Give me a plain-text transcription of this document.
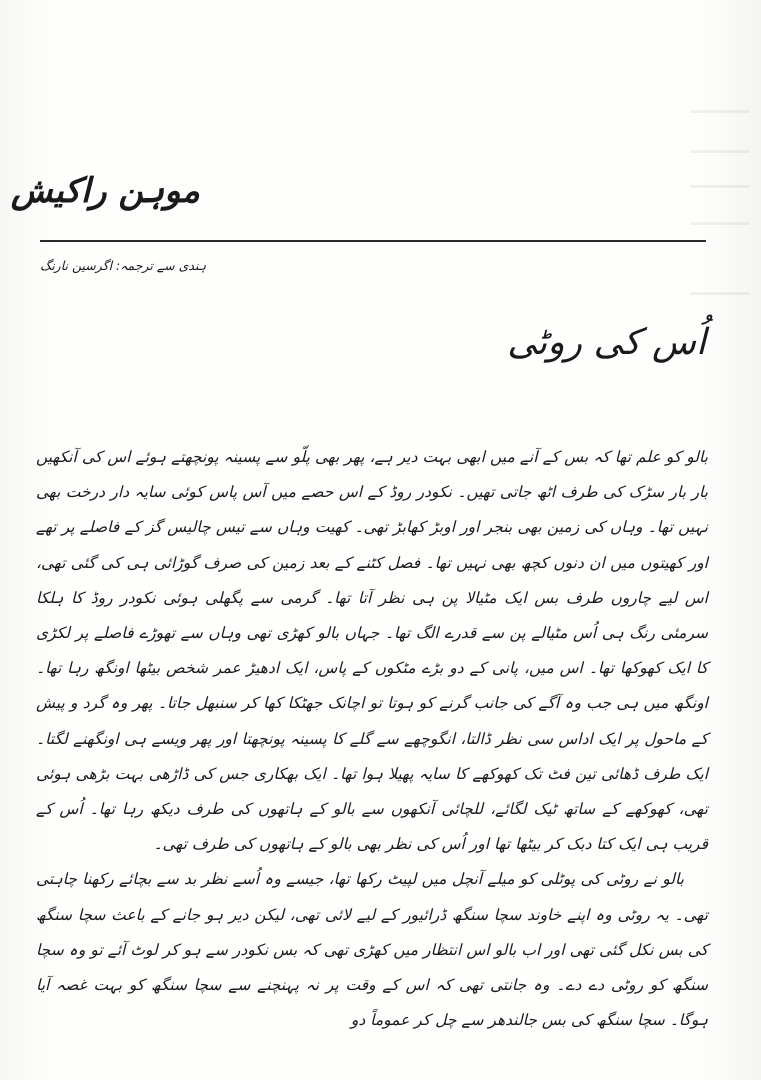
موہن راکیش
ہندی سے ترجمہ: اگرسین نارنگ
اُس کی روٹی

بالو کو علم تھا کہ بس کے آنے میں ابھی بہت دیر ہے، پھر بھی پلّو سے پسینہ پونچھتے ہوئے اس کی آنکھیں بار بار سڑک کی طرف اٹھ جاتی تھیں۔ نکودر روڈ کے اس حصے میں آس پاس کوئی سایہ دار درخت بھی نہیں تھا۔ وہاں کی زمین بھی بنجر اور اوبڑ کھابڑ تھی۔ کھیت وہاں سے تیس چالیس گز کے فاصلے پر تھے اور کھیتوں میں ان دنوں کچھ بھی نہیں تھا۔ فصل کٹنے کے بعد زمین کی صرف گوڑائی ہی کی گئی تھی، اس لیے چاروں طرف بس ایک مٹیالا پن ہی نظر آتا تھا۔ گرمی سے پگھلی ہوئی نکودر روڈ کا ہلکا سرمئی رنگ ہی اُس مٹیالے پن سے قدرے الگ تھا۔ جہاں بالو کھڑی تھی وہاں سے تھوڑے فاصلے پر لکڑی کا ایک کھوکھا تھا۔ اس میں، پانی کے دو بڑے مٹکوں کے پاس، ایک ادھیڑ عمر شخص بیٹھا اونگھ رہا تھا۔ اونگھ میں ہی جب وہ آگے کی جانب گرنے کو ہوتا تو اچانک جھٹکا کھا کر سنبھل جاتا۔ پھر وہ گرد و پیش کے ماحول پر ایک اداس سی نظر ڈالتا، انگوچھے سے گلے کا پسینہ پونچھتا اور پھر ویسے ہی اونگھنے لگتا۔ ایک طرف ڈھائی تین فٹ تک کھوکھے کا سایہ پھیلا ہوا تھا۔ ایک بھکاری جس کی ڈاڑھی بہت بڑھی ہوئی تھی، کھوکھے کے ساتھ ٹیک لگائے، للچائی آنکھوں سے بالو کے ہاتھوں کی طرف دیکھ رہا تھا۔ اُس کے قریب ہی ایک کتا دبک کر بیٹھا تھا اور اُس کی نظر بھی بالو کے ہاتھوں کی طرف تھی۔

بالو نے روٹی کی پوٹلی کو میلے آنچل میں لپیٹ رکھا تھا، جیسے وہ اُسے نظر بد سے بچائے رکھنا چاہتی تھی۔ یہ روٹی وہ اپنے خاوند سچا سنگھ ڈرائیور کے لیے لائی تھی، لیکن دیر ہو جانے کے باعث سچا سنگھ کی بس نکل گئی تھی اور اب بالو اس انتظار میں کھڑی تھی کہ بس نکودر سے ہو کر لوٹ آئے تو وہ سچا سنگھ کو روٹی دے دے۔ وہ جانتی تھی کہ اس کے وقت پر نہ پہنچنے سے سچا سنگھ کو بہت غصہ آیا ہوگا۔ سچا سنگھ کی بس جالندھر سے چل کر عموماً دو
